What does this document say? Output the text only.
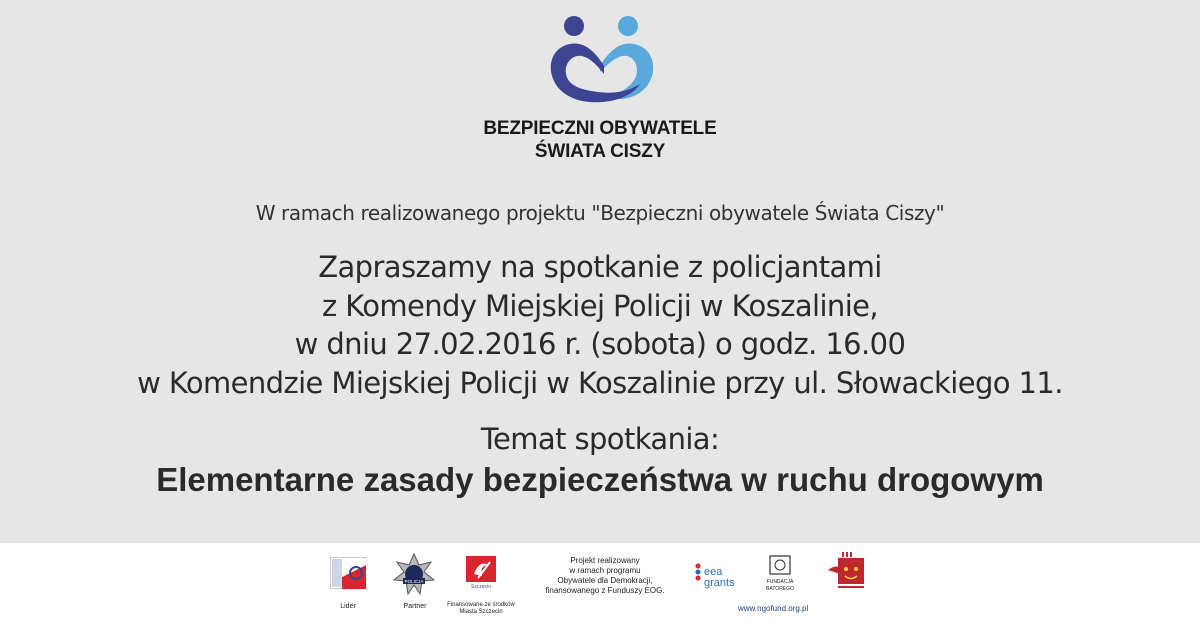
BEZPIECZNI OBYWATELE
ŚWIATA CISZY
W ramach realizowanego projektu "Bezpieczni obywatele Świata Ciszy"
Zapraszamy na spotkanie z policjantami
z Komendy Miejskiej Policji w Koszalinie,
w dniu 27.02.2016 r. (sobota) o godz. 16.00
w Komendzie Miejskiej Policji w Koszalinie przy ul. Słowackiego 11.
Temat spotkania:
Elementarne zasady bezpieczeństwa w ruchu drogowym
Lider
POLICJA
Partner
Szczecin
Finansowane ze środków
Miasta Szczecin
Projekt realizowany
w ramach programu
Obywatele dla Demokracji,
finansowanego z Funduszy EOG.
eea
grants	FUNDACJA
BATOREGO
www.ngofund.org.pl
